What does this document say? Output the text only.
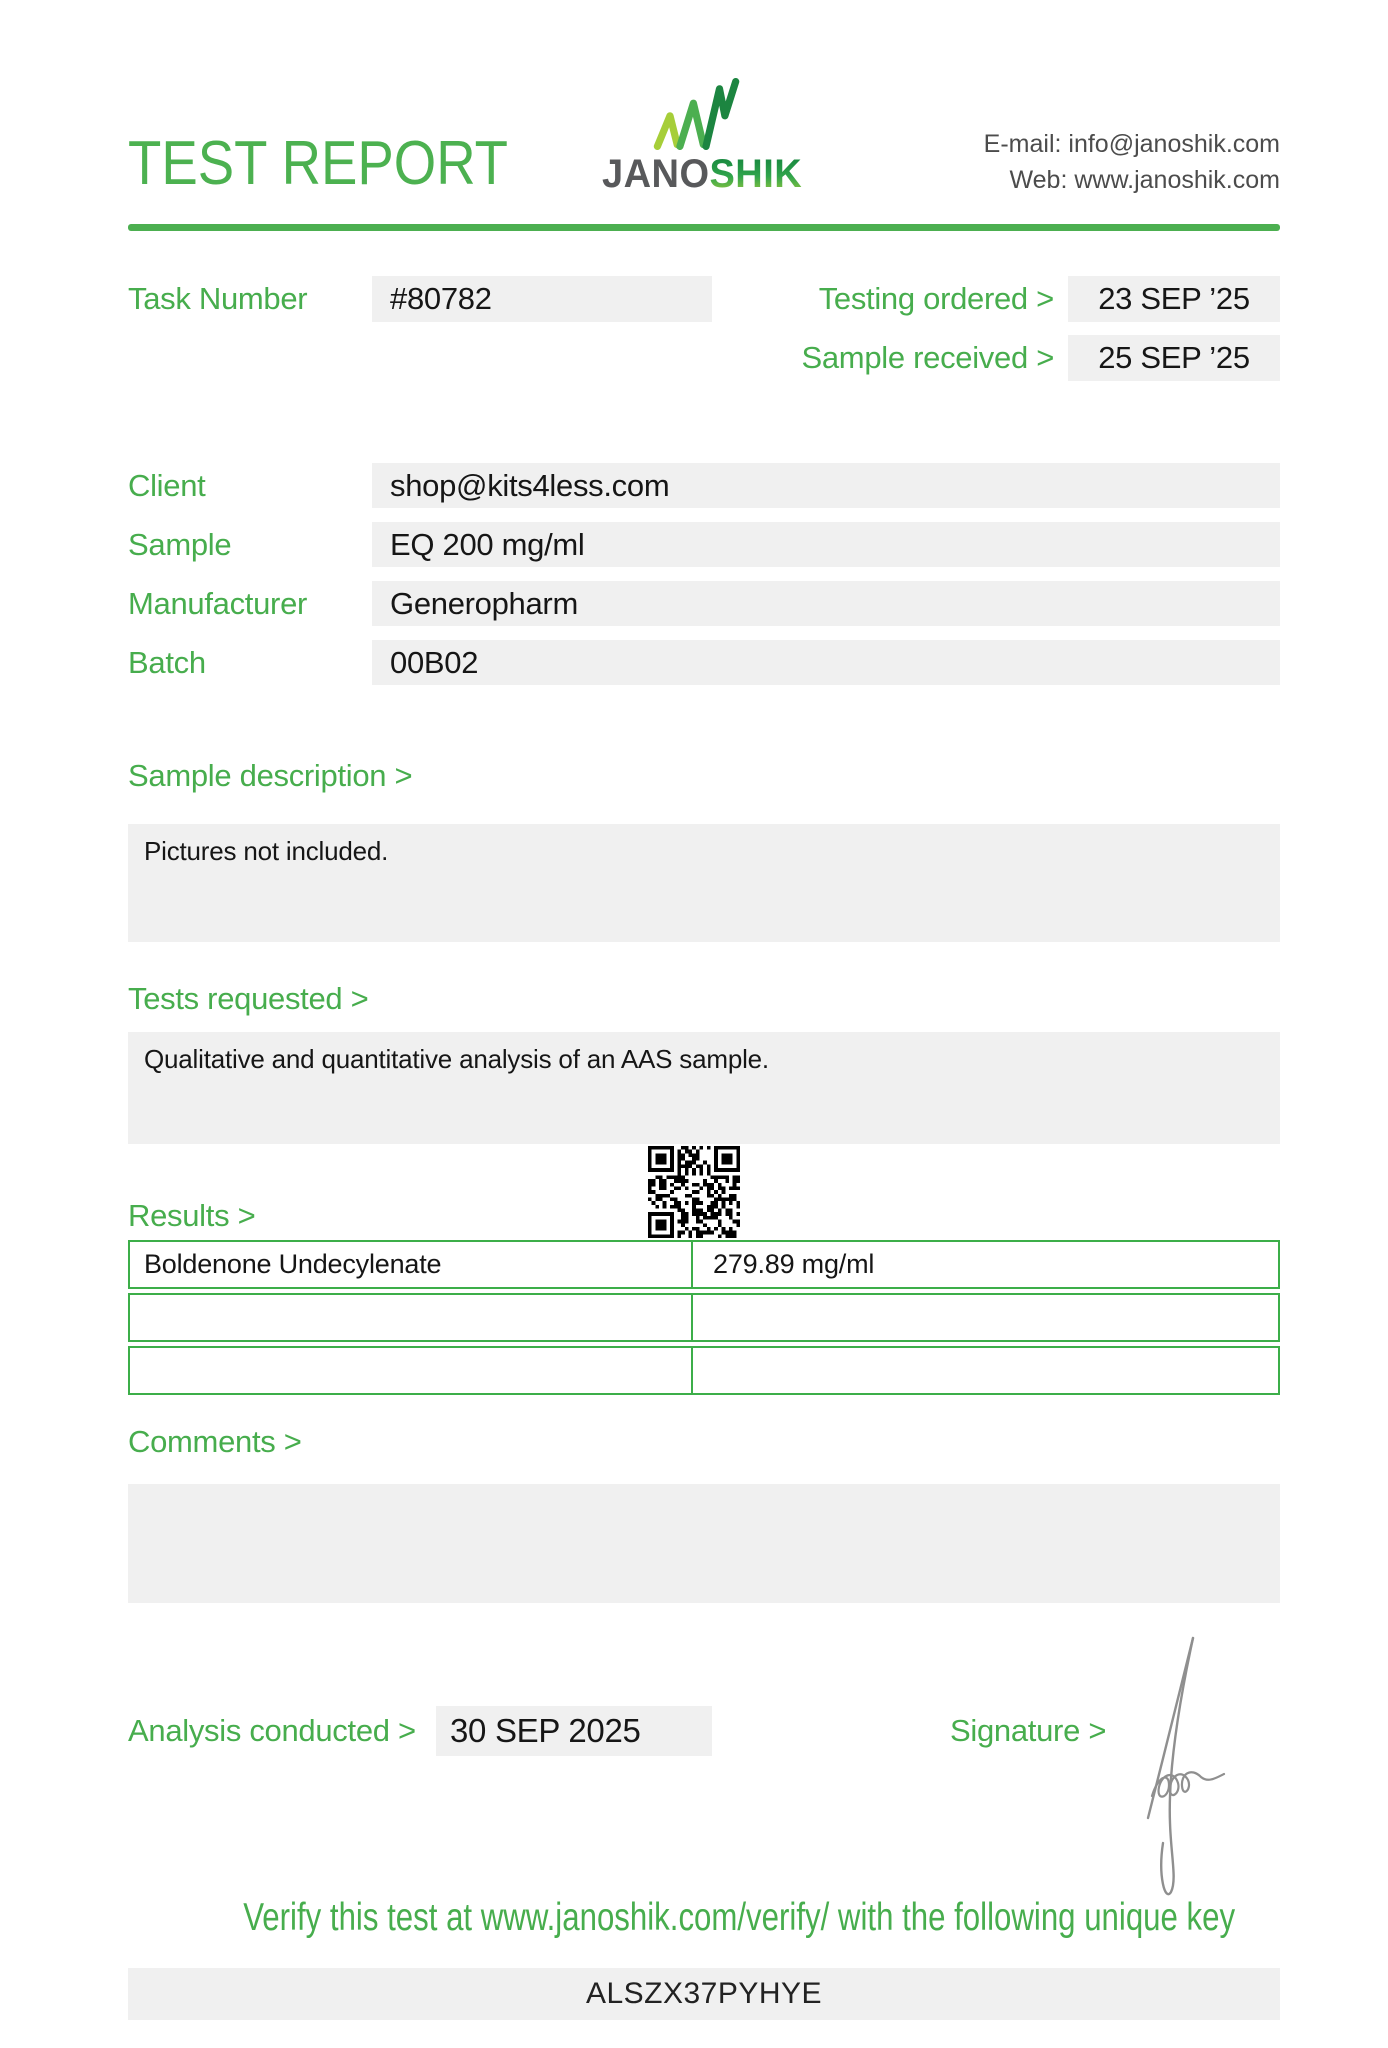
TEST REPORT JANOSHIK
E-mail: info@janoshik.com
Web: www.janoshik.com
Task Number	#80782	Testing ordered >	23 SEP ’25
Sample received >	25 SEP ’25
Client	shop@kits4less.com
Sample	EQ 200 mg/ml
Manufacturer	Generopharm
Batch	00B02
Sample description >
Pictures not included.
Tests requested >
Qualitative and quantitative analysis of an AAS sample.
Results >
Boldenone Undecylenate	279.89 mg/ml
Comments >
Analysis conducted >	30 SEP 2025	Signature >
Verify this test at www.janoshik.com/verify/ with the following unique key
ALSZX37PYHYE
